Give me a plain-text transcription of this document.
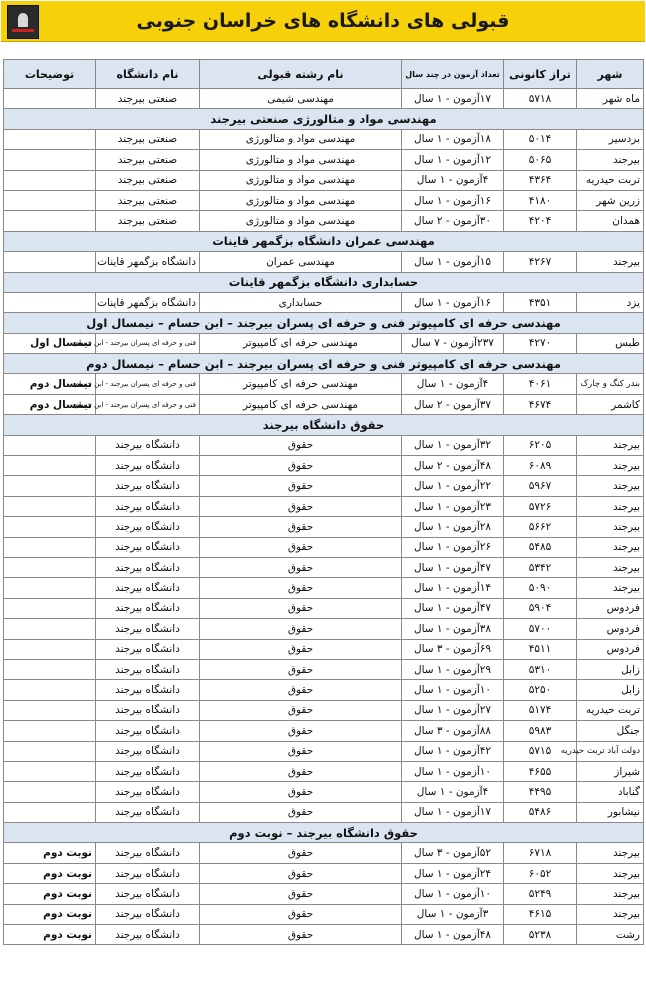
قبولی های دانشگاه های خراسان جنوبی
شهر	تراز کانونی	تعداد آزمون در چند سال	نام رشته قبولی	نام دانشگاه	توضیحات
ماه شهر	۵۷۱۸	۱۷آزمون - ۱ سال	مهندسی شیمی	صنعتی بیرجند	
مهندسی مواد و متالورژی صنعتی بیرجند					
بردسیر	۵۰۱۴	۱۸آزمون - ۱ سال	مهندسی مواد و متالورژی	صنعتی بیرجند	
بیرجند	۵۰۶۵	۱۲آزمون - ۱ سال	مهندسی مواد و متالورژی	صنعتی بیرجند	
تربت حیدریه	۴۳۶۴	۴آزمون - ۱ سال	مهندسی مواد و متالورژی	صنعتی بیرجند	
زرین شهر	۴۱۸۰	۱۶آزمون - ۱ سال	مهندسی مواد و متالورژی	صنعتی بیرجند	
همدان	۴۲۰۴	۳۰آزمون - ۲ سال	مهندسی مواد و متالورژی	صنعتی بیرجند	
مهندسی عمران دانشگاه بزگمهر قاینات					
بیرجند	۴۲۶۷	۱۵آزمون - ۱ سال	مهندسی عمران	دانشگاه بزگمهر قاینات	
حسابداری دانشگاه بزگمهر قاینات					
یزد	۴۳۵۱	۱۶آزمون - ۱ سال	حسابداری	دانشگاه بزگمهر قاینات	
مهندسی حرفه ای کامپیوتر فنی و حرفه ای پسران بیرجند – ابن حسام – نیمسال اول					
طبس	۴۲۷۰	۲۳۷آزمون - ۷ سال	مهندسی حرفه ای کامپیوتر	فنی و حرفه ای پسران بیرجند - ابن حسام	نیمسال اول
مهندسی حرفه ای کامپیوتر فنی و حرفه ای پسران بیرجند – ابن حسام – نیمسال دوم					
بندر کنگ و چارک	۴۰۶۱	۴آزمون - ۱ سال	مهندسی حرفه ای کامپیوتر	فنی و حرفه ای پسران بیرجند - ابن حسام	نیمسال دوم
کاشمر	۴۶۷۴	۳۷آزمون - ۲ سال	مهندسی حرفه ای کامپیوتر	فنی و حرفه ای پسران بیرجند - ابن حسام	نیمسال دوم
حقوق دانشگاه بیرجند					
بیرجند	۶۲۰۵	۳۲آزمون - ۱ سال	حقوق	دانشگاه بیرجند	
بیرجند	۶۰۸۹	۴۸آزمون - ۲ سال	حقوق	دانشگاه بیرجند	
بیرجند	۵۹۶۷	۲۲آزمون - ۱ سال	حقوق	دانشگاه بیرجند	
بیرجند	۵۷۲۶	۲۳آزمون - ۱ سال	حقوق	دانشگاه بیرجند	
بیرجند	۵۶۶۲	۲۸آزمون - ۱ سال	حقوق	دانشگاه بیرجند	
بیرجند	۵۴۸۵	۲۶آزمون - ۱ سال	حقوق	دانشگاه بیرجند	
بیرجند	۵۳۴۲	۴۷آزمون - ۱ سال	حقوق	دانشگاه بیرجند	
بیرجند	۵۰۹۰	۱۴آزمون - ۱ سال	حقوق	دانشگاه بیرجند	
فردوس	۵۹۰۴	۴۷آزمون - ۱ سال	حقوق	دانشگاه بیرجند	
فردوس	۵۷۰۰	۳۸آزمون - ۱ سال	حقوق	دانشگاه بیرجند	
فردوس	۴۵۱۱	۶۹آزمون - ۳ سال	حقوق	دانشگاه بیرجند	
زابل	۵۳۱۰	۲۹آزمون - ۱ سال	حقوق	دانشگاه بیرجند	
زابل	۵۲۵۰	۱۰آزمون - ۱ سال	حقوق	دانشگاه بیرجند	
تربت حیدریه	۵۱۷۴	۲۷آزمون - ۱ سال	حقوق	دانشگاه بیرجند	
جنگل	۵۹۸۳	۸۸آزمون - ۳ سال	حقوق	دانشگاه بیرجند	
دولت آباد تربت حیدریه	۵۷۱۵	۴۲آزمون - ۱ سال	حقوق	دانشگاه بیرجند	
شیراز	۴۶۵۵	۱۰آزمون - ۱ سال	حقوق	دانشگاه بیرجند	
گناباد	۴۴۹۵	۴آزمون - ۱ سال	حقوق	دانشگاه بیرجند	
نیشابور	۵۴۸۶	۱۷آزمون - ۱ سال	حقوق	دانشگاه بیرجند	
حقوق دانشگاه بیرجند – نوبت دوم					
بیرجند	۶۷۱۸	۵۲آزمون - ۳ سال	حقوق	دانشگاه بیرجند	نوبت دوم
بیرجند	۶۰۵۲	۲۴آزمون - ۱ سال	حقوق	دانشگاه بیرجند	نوبت دوم
بیرجند	۵۲۴۹	۱۰آزمون - ۱ سال	حقوق	دانشگاه بیرجند	نوبت دوم
بیرجند	۴۶۱۵	۳آزمون - ۱ سال	حقوق	دانشگاه بیرجند	نوبت دوم
رشت	۵۲۳۸	۴۸آزمون - ۱ سال	حقوق	دانشگاه بیرجند	نوبت دوم
